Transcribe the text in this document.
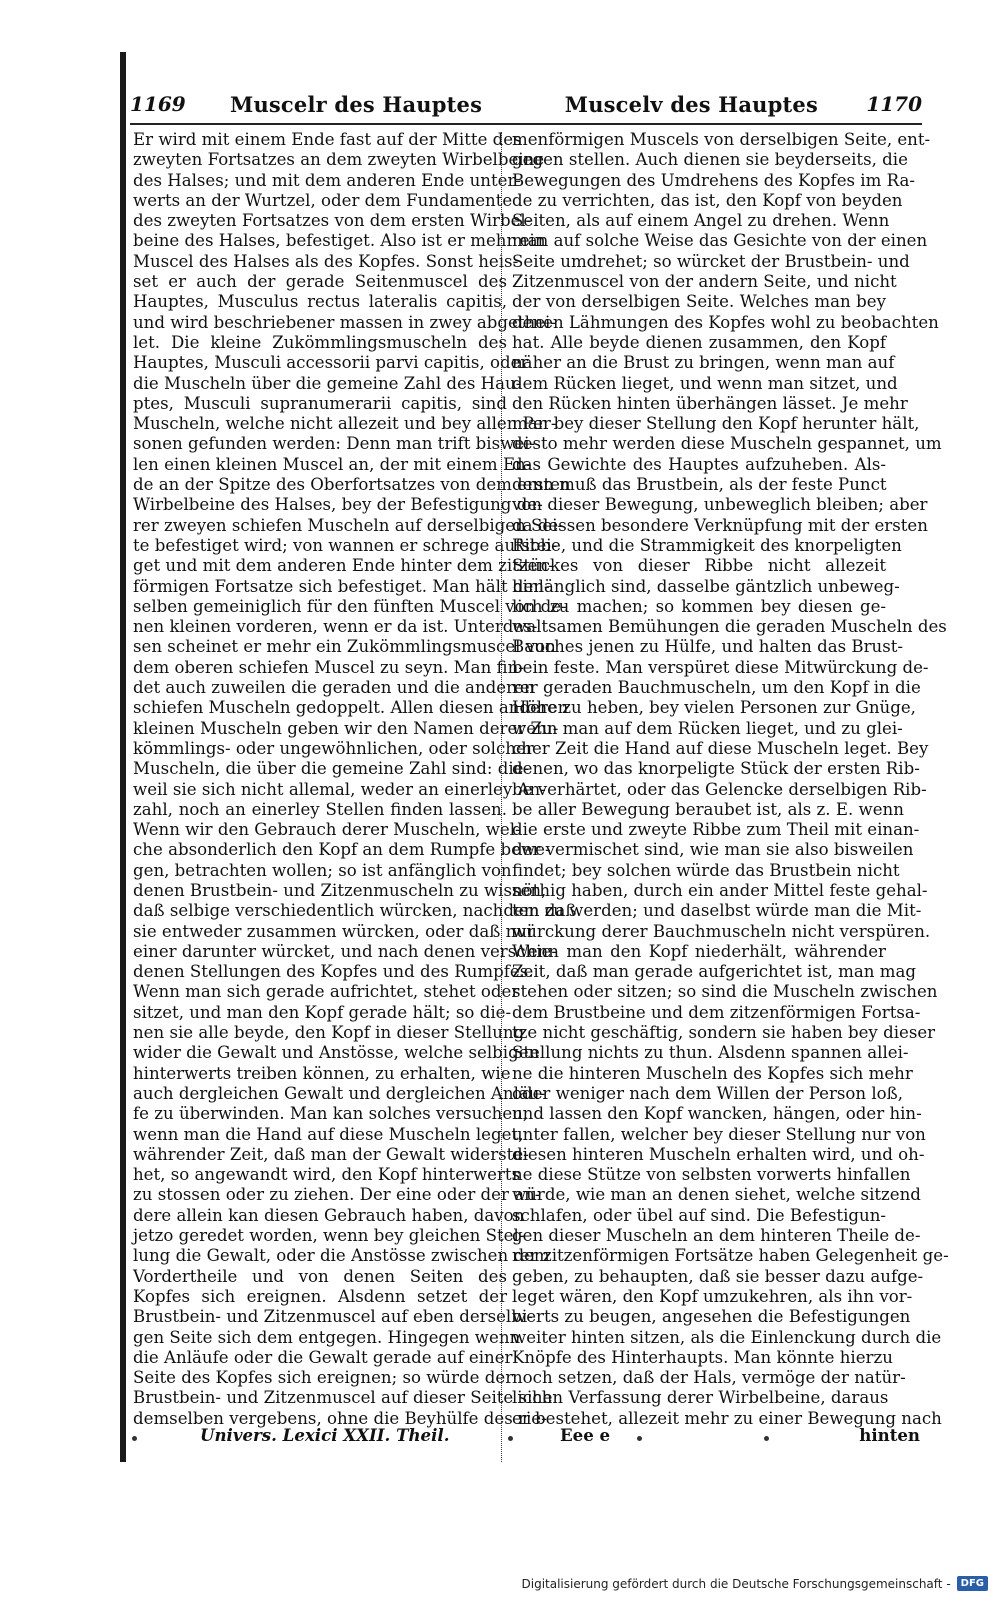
1169 Muscelr des Hauptes	Muscelv des Hauptes 1170
Er wird mit einem Ende fast auf der Mitte des
zweyten Fortsatzes an dem zweyten Wirbelbeine
des Halses; und mit dem anderen Ende unter-
werts an der Wurtzel, oder dem Fundamente
des zweyten Fortsatzes von dem ersten Wirbel-
beine des Halses, befestiget. Also ist er mehr ein
Muscel des Halses als des Kopfes. Sonst heis-
set er auch der gerade Seitenmuscel des
Hauptes, Musculus rectus lateralis capitis,
und wird beschriebener massen in zwey abgethei-
let. Die kleine Zukömmlingsmuscheln des
Hauptes, Musculi accessorii parvi capitis, oder
die Muscheln über die gemeine Zahl des Hau-
ptes, Musculi supranumerarii capitis, sind
Muscheln, welche nicht allezeit und bey allen Per-
sonen gefunden werden: Denn man trift biswei-
len einen kleinen Muscel an, der mit einem En-
de an der Spitze des Oberfortsatzes von dem ersten
Wirbelbeine des Halses, bey der Befestigung de-
rer zweyen schiefen Muscheln auf derselbigen Sei-
te befestiget wird; von wannen er schrege aufstei-
get und mit dem anderen Ende hinter dem zitzen-
förmigen Fortsatze sich befestiget. Man hält den-
selben gemeiniglich für den fünften Muscel von de-
nen kleinen vorderen, wenn er da ist. Unterdes-
sen scheinet er mehr ein Zukömmlingsmuscel von
dem oberen schiefen Muscel zu seyn. Man fin-
det auch zuweilen die geraden und die anderen
schiefen Muscheln gedoppelt. Allen diesen anderen
kleinen Muscheln geben wir den Namen derer Zu-
kömmlings- oder ungewöhnlichen, oder solcher
Muscheln, die über die gemeine Zahl sind: die-
weil sie sich nicht allemal, weder an einerley An-
zahl, noch an einerley Stellen finden lassen.
Wenn wir den Gebrauch derer Muscheln, wel-
che absonderlich den Kopf an dem Rumpfe bewe-
gen, betrachten wollen; so ist anfänglich von
denen Brustbein- und Zitzenmuscheln zu wissen,
daß selbige verschiedentlich würcken, nachdem daß
sie entweder zusammen würcken, oder daß nur
einer darunter würcket, und nach denen verschie-
denen Stellungen des Kopfes und des Rumpfes.
Wenn man sich gerade aufrichtet, stehet oder
sitzet, und man den Kopf gerade hält; so die-
nen sie alle beyde, den Kopf in dieser Stellung
wider die Gewalt und Anstösse, welche selbigen
hinterwerts treiben können, zu erhalten, wie
auch dergleichen Gewalt und dergleichen Anläu-
fe zu überwinden. Man kan solches versuchen,
wenn man die Hand auf diese Muscheln leget,
währender Zeit, daß man der Gewalt widerste-
het, so angewandt wird, den Kopf hinterwerts
zu stossen oder zu ziehen. Der eine oder der an-
dere allein kan diesen Gebrauch haben, davon
jetzo geredet worden, wenn bey gleichen Stel-
lung die Gewalt, oder die Anstösse zwischen dem
Vordertheile und von denen Seiten des
Kopfes sich ereignen. Alsdenn setzet der
Brustbein- und Zitzenmuscel auf eben derselbi-
gen Seite sich dem entgegen. Hingegen wenn
die Anläufe oder die Gewalt gerade auf einer
Seite des Kopfes sich ereignen; so würde der
Brustbein- und Zitzenmuscel auf dieser Seite sich
demselben vergebens, ohne die Beyhülfe des rie-
menförmigen Muscels von derselbigen Seite, ent-
gegen stellen. Auch dienen sie beyderseits, die
Bewegungen des Umdrehens des Kopfes im Ra-
de zu verrichten, das ist, den Kopf von beyden
Seiten, als auf einem Angel zu drehen. Wenn
man auf solche Weise das Gesichte von der einen
Seite umdrehet; so würcket der Brustbein- und
Zitzenmuscel von der andern Seite, und nicht
der von derselbigen Seite. Welches man bey
denen Lähmungen des Kopfes wohl zu beobachten
hat. Alle beyde dienen zusammen, den Kopf
näher an die Brust zu bringen, wenn man auf
dem Rücken lieget, und wenn man sitzet, und
den Rücken hinten überhängen lässet. Je mehr
man bey dieser Stellung den Kopf herunter hält,
desto mehr werden diese Muscheln gespannet, um
das Gewichte des Hauptes aufzuheben. Als-
denn muß das Brustbein, als der feste Punct
von dieser Bewegung, unbeweglich bleiben; aber
da dessen besondere Verknüpfung mit der ersten
Ribbe, und die Strammigkeit des knorpeligten
Stückes von dieser Ribbe nicht allezeit
hinlänglich sind, dasselbe gäntzlich unbeweg-
lich zu machen; so kommen bey diesen ge-
waltsamen Bemühungen die geraden Muscheln des
Bauches jenen zu Hülfe, und halten das Brust-
bein feste. Man verspüret diese Mitwürckung de-
rer geraden Bauchmuscheln, um den Kopf in die
Höhe zu heben, bey vielen Personen zur Gnüge,
wenn man auf dem Rücken lieget, und zu glei-
cher Zeit die Hand auf diese Muscheln leget. Bey
denen, wo das knorpeligte Stück der ersten Rib-
be verhärtet, oder das Gelencke derselbigen Rib-
be aller Bewegung beraubet ist, als z. E. wenn
die erste und zweyte Ribbe zum Theil mit einan-
der vermischet sind, wie man sie also bisweilen
findet; bey solchen würde das Brustbein nicht
nöthig haben, durch ein ander Mittel feste gehal-
ten zu werden; und daselbst würde man die Mit-
würckung derer Bauchmuscheln nicht verspüren.
Wenn man den Kopf niederhält, währender
Zeit, daß man gerade aufgerichtet ist, man mag
stehen oder sitzen; so sind die Muscheln zwischen
dem Brustbeine und dem zitzenförmigen Fortsa-
tze nicht geschäftig, sondern sie haben bey dieser
Stellung nichts zu thun. Alsdenn spannen allei-
ne die hinteren Muscheln des Kopfes sich mehr
oder weniger nach dem Willen der Person loß,
und lassen den Kopf wancken, hängen, oder hin-
unter fallen, welcher bey dieser Stellung nur von
diesen hinteren Muscheln erhalten wird, und oh-
ne diese Stütze von selbsten vorwerts hinfallen
würde, wie man an denen siehet, welche sitzend
schlafen, oder übel auf sind. Die Befestigun-
gen dieser Muscheln an dem hinteren Theile de-
rer zitzenförmigen Fortsätze haben Gelegenheit ge-
geben, zu behaupten, daß sie besser dazu aufge-
leget wären, den Kopf umzukehren, als ihn vor-
werts zu beugen, angesehen die Befestigungen
weiter hinten sitzen, als die Einlenckung durch die
Knöpfe des Hinterhaupts. Man könnte hierzu
noch setzen, daß der Hals, vermöge der natür-
lichen Verfassung derer Wirbelbeine, daraus
er bestehet, allezeit mehr zu einer Bewegung nach
Univers. Lexici XXII. Theil.	Eee e	hinten
Digitalisierung gefördert durch die Deutsche Forschungsgemeinschaft -	DFG
